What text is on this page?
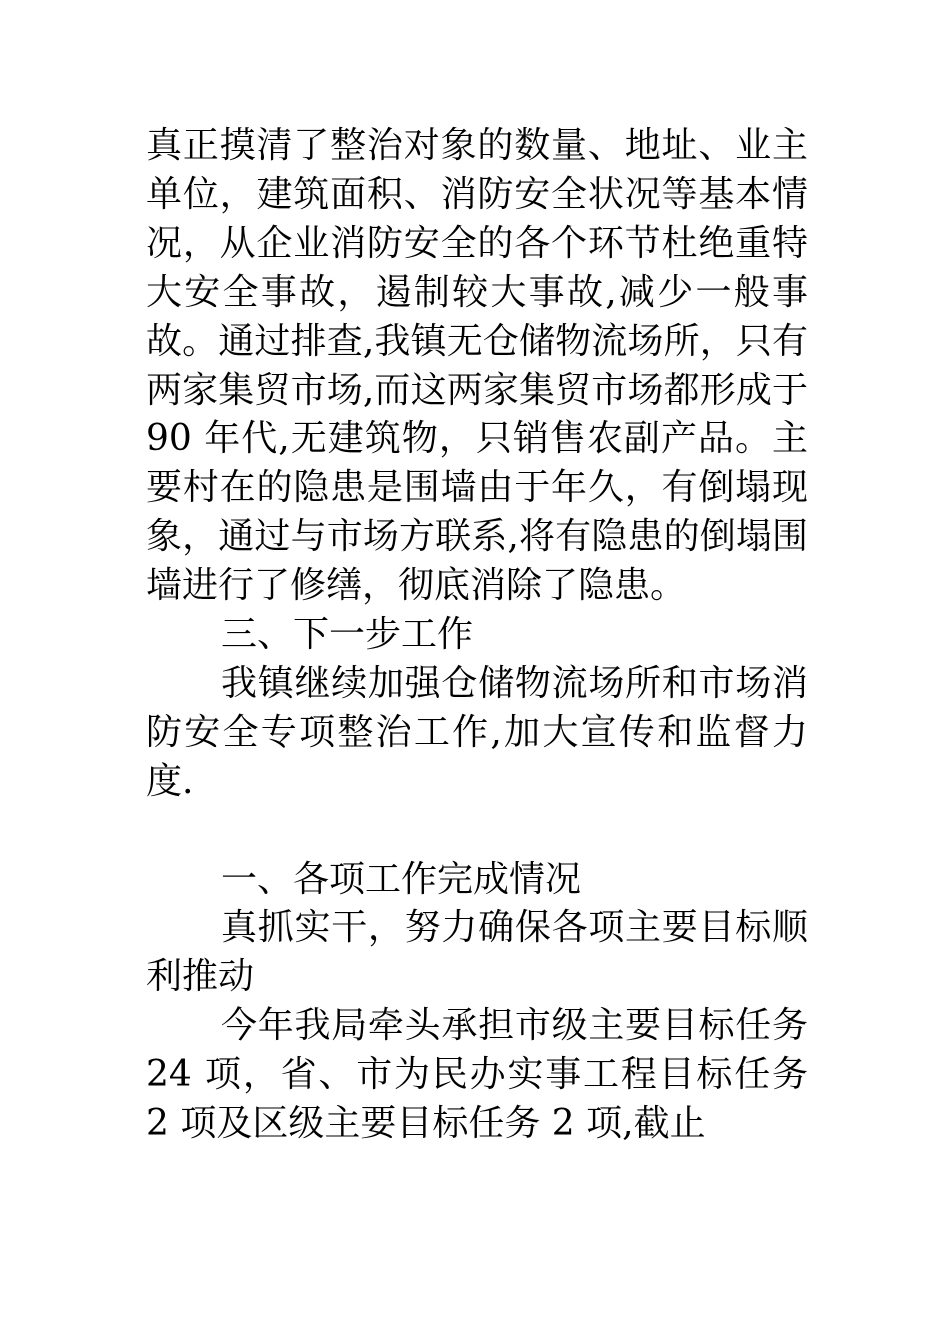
真正摸清了整治对象的数量、地址、业主单位，建筑面积、消防安全状况等基本情况，从企业消防安全的各个环节杜绝重特大安全事故，遏制较大事故,减少一般事故。通过排查,我镇无仓储物流场所，只有两家集贸市场,而这两家集贸市场都形成于 90 年代,无建筑物，只销售农副产品。主要村在的隐患是围墙由于年久，有倒塌现象，通过与市场方联系,将有隐患的倒塌围墙进行了修缮，彻底消除了隐患。

三、下一步工作

我镇继续加强仓储物流场所和市场消防安全专项整治工作,加大宣传和监督力度.

一、各项工作完成情况

真抓实干，努力确保各项主要目标顺利推动

今年我局牵头承担市级主要目标任务 24 项，省、市为民办实事工程目标任务 2 项及区级主要目标任务 2 项,截止
